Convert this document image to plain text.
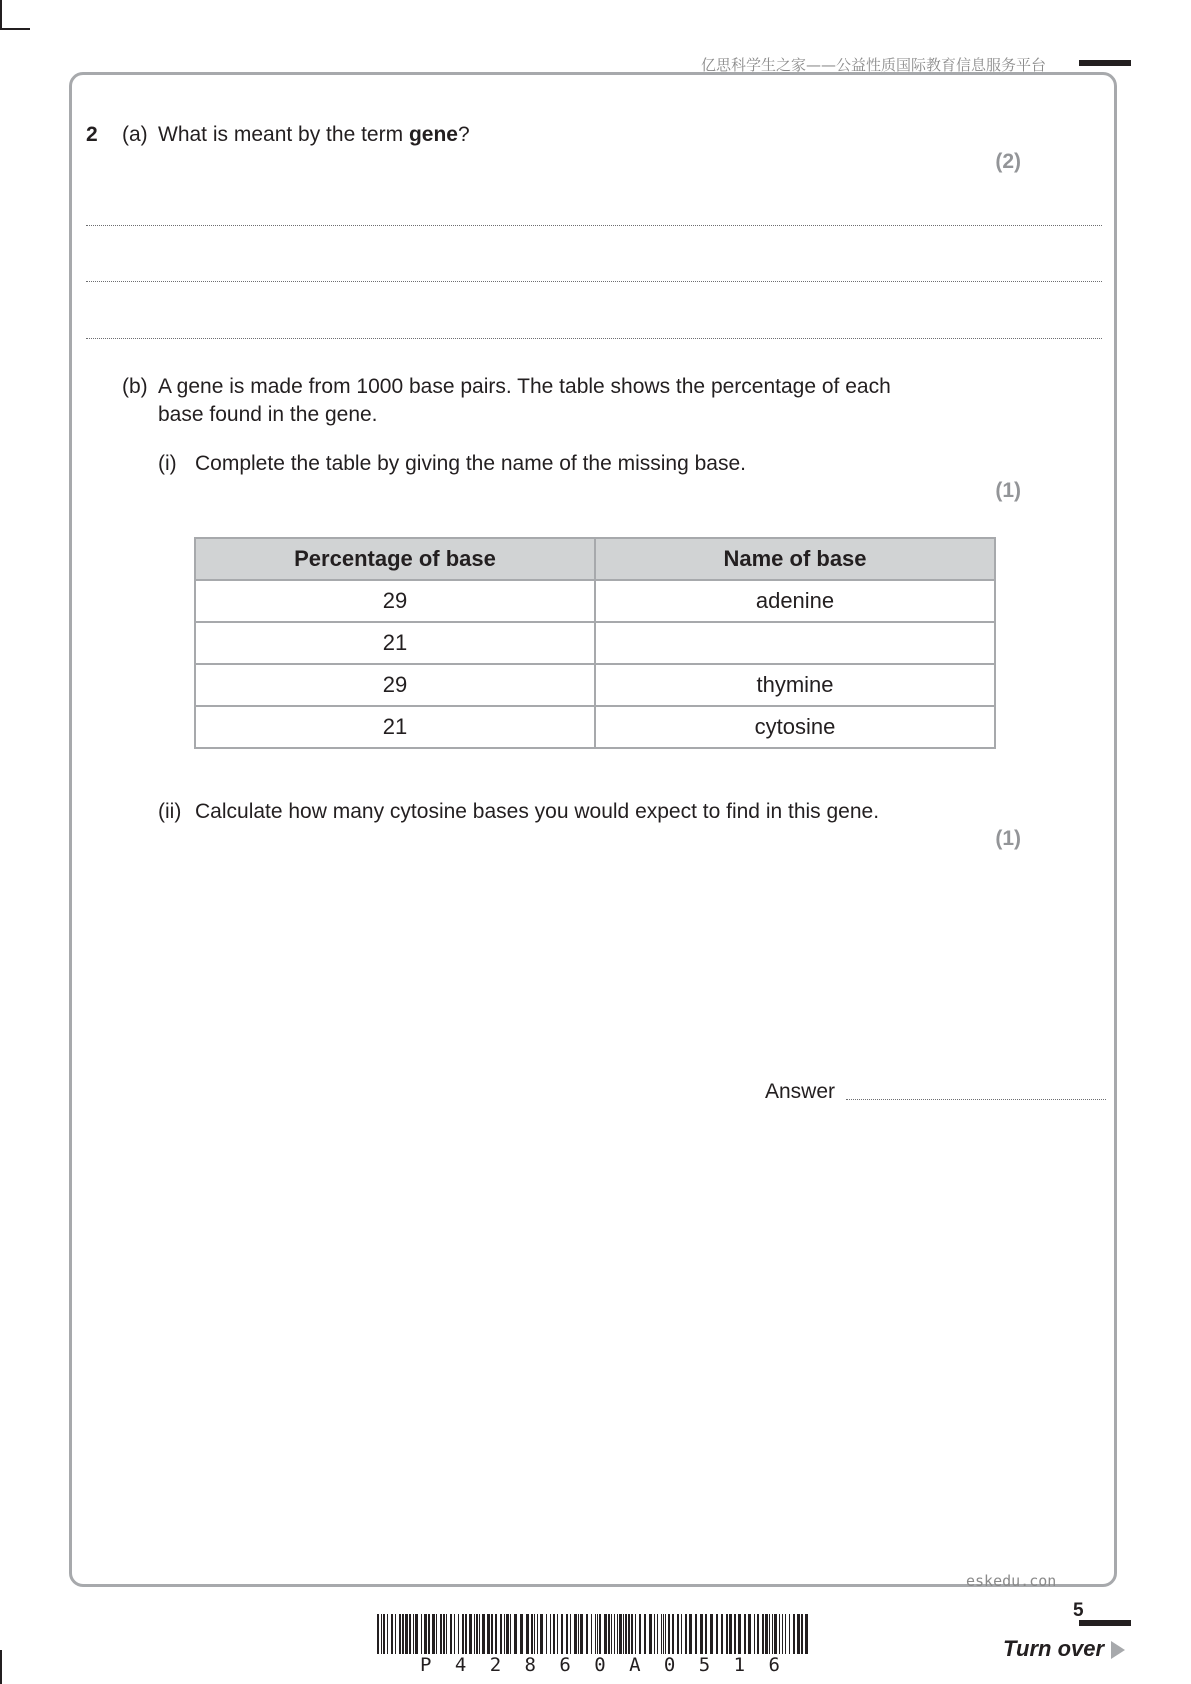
亿思科学生之家——公益性质国际教育信息服务平台
2 (a) What is meant by the term gene?
(2)
(b) A gene is made from 1000 base pairs. The table shows the percentage of each
base found in the gene.
(i) Complete the table by giving the name of the missing base.
(1)
Percentage of base	Name of base
29	adenine
21	
29	thymine
21	cytosine
(ii) Calculate how many cytosine bases you would expect to find in this gene.
(1)
Answer
eskedu.con
5
P 4 2 8 6 0 A 0 5 1 6
Turn over
